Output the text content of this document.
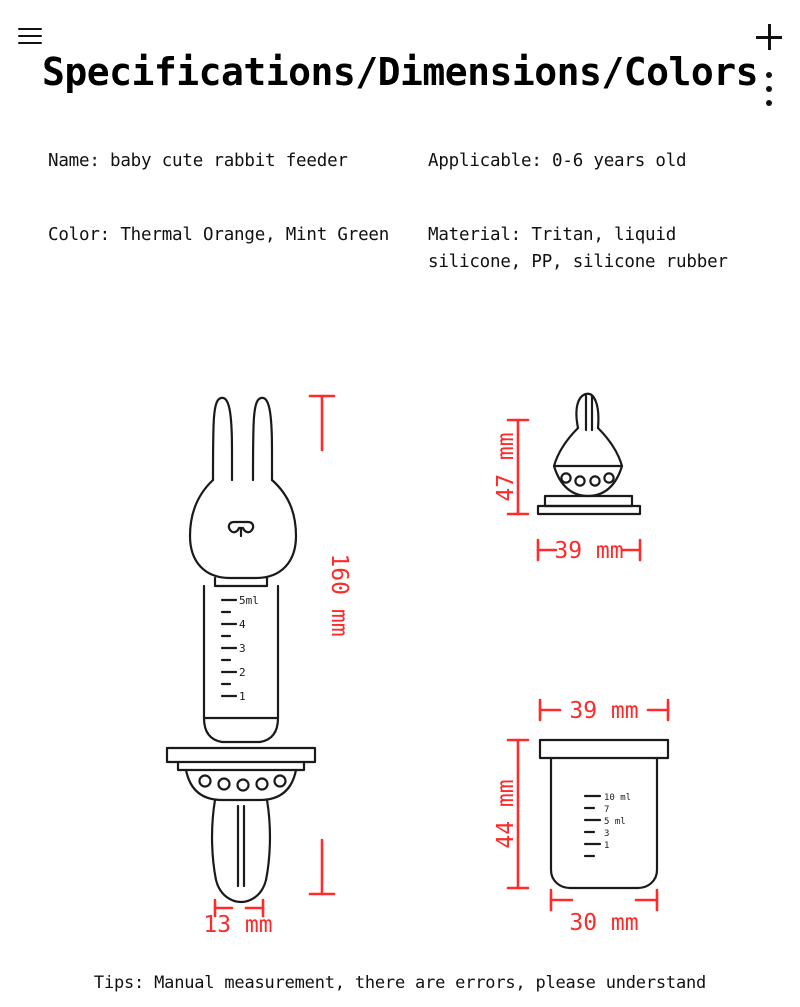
Specifications/Dimensions/Colors
Name: baby cute rabbit feeder	Applicable: 0-6 years old
Color: Thermal Orange, Mint Green	Material: Tritan, liquid silicone, PP, silicone rubber
5ml
4
3
2
1
10 ml
7
5 ml
3
1
160 mm
13 mm
47 mm
39 mm
39 mm
44 mm
30 mm
Tips: Manual measurement, there are errors, please understand
